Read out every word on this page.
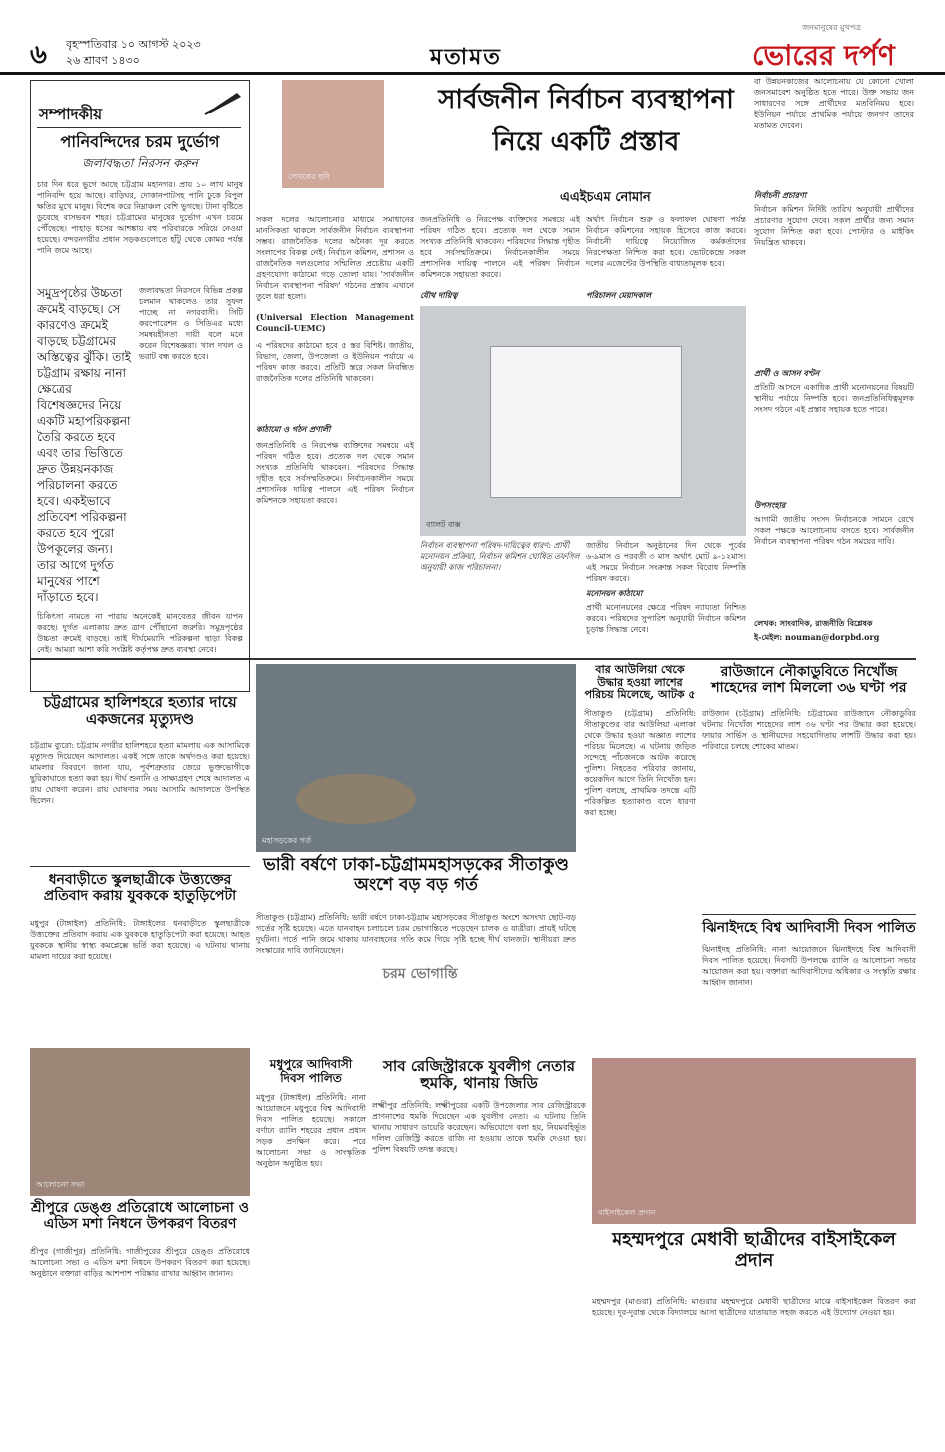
৬ বৃহস্পতিবার ১০ আগস্ট ২০২৩
২৬ শ্রাবণ ১৪৩০	মতামত
জনমানুষের মুখপত্র
ভোরের দর্পণ
সম্পাদকীয়
পানিবন্দিদের চরম দুর্ভোগ
জলাবদ্ধতা নিরসন করুন
চার দিন ধরে ভুগে আছে চট্টগ্রাম মহানগর। প্রায় ১০ লাখ মানুষ পানিবন্দি হয়ে আছে। বাড়িঘর, দোকানপাটসহ পানি ঢুকে বিপুল ক্ষতির মুখে মানুষ। বিশেষ করে নিম্নাঞ্চল বেশি ভুগছে। টানা বৃষ্টিতে ডুবেছে বাসভবন শহর। চট্টগ্রামের মানুষের দুর্ভোগ এখন চরমে পৌঁছেছে। পাহাড় ধসের আশঙ্কায় বহু পরিবারকে সরিয়ে নেওয়া হয়েছে। বন্দরনগরীর প্রধান সড়কগুলোতে হাঁটু থেকে কোমর পর্যন্ত পানি জমে আছে।
সমুদ্রপৃষ্ঠের উচ্চতা ক্রমেই বাড়ছে। সে কারণেও ক্রমেই বাড়ছে চট্টগ্রামের অস্তিত্বের ঝুঁকি। তাই চট্টগ্রাম রক্ষায় নানা ক্ষেত্রের বিশেষজ্ঞদের নিয়ে একটি মহাপরিকল্পনা তৈরি করতে হবে এবং তার ভিত্তিতে দ্রুত উন্নয়নকাজ পরিচালনা করতে হবে। একইভাবে প্রতিবেশ পরিকল্পনা করতে হবে পুরো উপকূলের জন্য। তার আগে দুর্গত মানুষের পাশে দাঁড়াতে হবে।
জলাবদ্ধতা নিরসনে বিভিন্ন প্রকল্প চলমান থাকলেও তার সুফল পাচ্ছে না নগরবাসী। সিটি করপোরেশন ও সিডিএর মধ্যে সমন্বয়হীনতা দায়ী বলে মনে করেন বিশেষজ্ঞরা। খাল দখল ও ভরাট বন্ধ করতে হবে।
চিকিৎসা নামতে না পারায় অনেকেই মানবেতর জীবন যাপন করছে। দুর্গত এলাকায় দ্রুত ত্রাণ পৌঁছানো জরুরি। সমুদ্রপৃষ্ঠের উচ্চতা ক্রমেই বাড়ছে। তাই দীর্ঘমেয়াদি পরিকল্পনা ছাড়া বিকল্প নেই। আমরা আশা করি সংশ্লিষ্ট কর্তৃপক্ষ দ্রুত ব্যবস্থা নেবে।
লেখকের ছবি
সার্বজনীন নির্বাচন ব্যবস্থাপনা
নিয়ে একটি প্রস্তাব
এএইচএম নোমান
সকল দলের আলোচনার মাধ্যমে সমাধানের মানসিকতা থাকলে সার্বজনীন নির্বাচন ব্যবস্থাপনা সম্ভব। রাজনৈতিক দলের অনৈক্য দূর করতে সংলাপের বিকল্প নেই। নির্বাচন কমিশন, প্রশাসন ও রাজনৈতিক দলগুলোর সম্মিলিত প্রচেষ্টায় একটি গ্রহণযোগ্য কাঠামো গড়ে তোলা যায়। 'সার্বজনীন নির্বাচন ব্যবস্থাপনা পরিষদ' গঠনের প্রস্তাব এখানে তুলে ধরা হলো।
(Universal Election Management Council-UEMC)
এ পরিষদের কাঠামো হবে ৫ স্তর বিশিষ্ট। জাতীয়, বিভাগ, জেলা, উপজেলা ও ইউনিয়ন পর্যায়ে এ পরিষদ কাজ করবে। প্রতিটি স্তরে সকল নিবন্ধিত রাজনৈতিক দলের প্রতিনিধি থাকবেন।
কাঠামো ও গঠন প্রণালী
জনপ্রতিনিধি ও নিরপেক্ষ ব্যক্তিদের সমন্বয়ে এই পরিষদ গঠিত হবে। প্রত্যেক দল থেকে সমান সংখ্যক প্রতিনিধি থাকবেন। পরিষদের সিদ্ধান্ত গৃহীত হবে সর্বসম্মতিক্রমে। নির্বাচনকালীন সময়ে প্রশাসনিক দায়িত্ব পালনে এই পরিষদ নির্বাচন কমিশনকে সহায়তা করবে।
জনপ্রতিনিধি ও নিরপেক্ষ ব্যক্তিদের সমন্বয়ে এই পরিষদ গঠিত হবে। প্রত্যেক দল থেকে সমান সংখ্যক প্রতিনিধি থাকবেন। পরিষদের সিদ্ধান্ত গৃহীত হবে সর্বসম্মতিক্রমে। নির্বাচনকালীন সময়ে প্রশাসনিক দায়িত্ব পালনে এই পরিষদ নির্বাচন কমিশনকে সহায়তা করবে।
যৌথ দায়িত্ব
অর্থাৎ নির্বাচন শুরু ও ফলাফল ঘোষণা পর্যন্ত নির্বাচন কমিশনের সহায়ক হিসেবে কাজ করবে। নির্বাচনী দায়িত্বে নিয়োজিত কর্মকর্তাদের নিরপেক্ষতা নিশ্চিত করা হবে। ভোটকেন্দ্রে সকল দলের এজেন্টের উপস্থিতি বাধ্যতামূলক হবে।
পরিচালন মেয়াদকাল
ব্যালট বাক্স
নির্বাচন ব্যবস্থাপনা পরিষদ-দায়িত্বের ধারণ: প্রার্থী মনোনয়ন প্রক্রিয়া, নির্বাচন কমিশন ঘোষিত তফসিল অনুযায়ী কাজ পরিচালনা।
জাতীয় নির্বাচন অনুষ্ঠানের দিন থেকে পূর্বের ৬-৯মাস ও পরবর্তী ৩ মাস অর্থাৎ মোট ৯-১২মাস। এই সময়ে নির্বাচন সংক্রান্ত সকল বিরোধ নিষ্পত্তি পরিষদ করবে।
মনোনয়ন কাঠামো
প্রার্থী মনোনয়নের ক্ষেত্রে পরিষদ ন্যায্যতা নিশ্চিত করবে। পরিষদের সুপারিশ অনুযায়ী নির্বাচন কমিশন চূড়ান্ত সিদ্ধান্ত নেবে।
বা উন্নয়নকাজের আলোচনায় যে কোনো খোলা জনসমাবেশ অনুষ্ঠিত হতে পারে। উক্ত সভায় জন সাধারণের সঙ্গে প্রার্থীদের মতবিনিময় হবে। ইউনিয়ন পর্যায়ে প্রাথমিক পর্যায়ে জনগণ তাদের মতামত দেবেন।
নির্বাচনী প্রচারণা
নির্বাচন কমিশন নির্দিষ্ট তারিখ অনুযায়ী প্রার্থীদের প্রচারণার সুযোগ দেবে। সকল প্রার্থীর জন্য সমান সুযোগ নিশ্চিত করা হবে। পোস্টার ও মাইকিং নিয়ন্ত্রিত থাকবে।
প্রার্থী ও আসন বণ্টন
প্রতিটি আসনে একাধিক প্রার্থী মনোনয়নের বিষয়টি স্থানীয় পর্যায়ে নিষ্পত্তি হবে। জনপ্রতিনিধিত্বমূলক সংসদ গঠনে এই প্রস্তাব সহায়ক হতে পারে।
উপসংহার
আগামী জাতীয় সংসদ নির্বাচনকে সামনে রেখে সকল পক্ষকে আলোচনায় বসতে হবে। সার্বজনীন নির্বাচন ব্যবস্থাপনা পরিষদ গঠন সময়ের দাবি।
লেখক: সাংবাদিক, রাজনীতি বিশ্লেষক
ই-মেইল: nouman@dorpbd.org
চট্টগ্রামের হালিশহরে হত্যার দায়ে একজনের মৃত্যুদণ্ড
চট্টগ্রাম ব্যুরো: চট্টগ্রাম নগরীর হালিশহরে হত্যা মামলায় এক আসামিকে মৃত্যুদণ্ড দিয়েছেন আদালত। একই সঙ্গে তাকে অর্থদণ্ডও করা হয়েছে। মামলার বিবরণে জানা যায়, পূর্বশত্রুতার জেরে ভুক্তভোগীকে ছুরিকাঘাতে হত্যা করা হয়। দীর্ঘ শুনানি ও সাক্ষ্যগ্রহণ শেষে আদালত এ রায় ঘোষণা করেন। রায় ঘোষণার সময় আসামি আদালতে উপস্থিত ছিলেন।
ধনবাড়ীতে স্কুলছাত্রীকে উত্ত্যক্তের প্রতিবাদ করায় যুবককে হাতুড়িপেটা
মধুপুর (টাঙ্গাইল) প্রতিনিধি: টাঙ্গাইলের ধনবাড়ীতে স্কুলছাত্রীকে উত্ত্যক্তের প্রতিবাদ করায় এক যুবককে হাতুড়িপেটা করা হয়েছে। আহত যুবককে স্থানীয় স্বাস্থ্য কমপ্লেক্সে ভর্তি করা হয়েছে। এ ঘটনায় থানায় মামলা দায়ের করা হয়েছে।
আলোচনা সভা
শ্রীপুরে ডেঙ্গু প্রতিরোধে আলোচনা ও এডিস মশা নিধনে উপকরণ বিতরণ
শ্রীপুর (গাজীপুর) প্রতিনিধি: গাজীপুরের শ্রীপুরে ডেঙ্গু প্রতিরোধে আলোচনা সভা ও এডিস মশা নিধনে উপকরণ বিতরণ করা হয়েছে। অনুষ্ঠানে বক্তারা বাড়ির আশপাশ পরিষ্কার রাখার আহ্বান জানান।
মহাসড়কের গর্ত
ভারী বর্ষণে ঢাকা-চট্টগ্রামমহাসড়কের সীতাকুণ্ড অংশে বড় বড় গর্ত
সীতাকুণ্ড (চট্টগ্রাম) প্রতিনিধি: ভারী বর্ষণে ঢাকা-চট্টগ্রাম মহাসড়কের সীতাকুণ্ড অংশে অসংখ্য ছোট-বড় গর্তের সৃষ্টি হয়েছে। এতে যানবাহন চলাচলে চরম ভোগান্তিতে পড়েছেন চালক ও যাত্রীরা। প্রায়ই ঘটছে দুর্ঘটনা। গর্তে পানি জমে থাকায় যানবাহনের গতি কমে গিয়ে সৃষ্টি হচ্ছে দীর্ঘ যানজট। স্থানীয়রা দ্রুত সংস্কারের দাবি জানিয়েছেন।
চরম ভোগান্তি
মধুপুরে আদিবাসী দিবস পালিত
মধুপুর (টাঙ্গাইল) প্রতিনিধি: নানা আয়োজনে মধুপুরে বিশ্ব আদিবাসী দিবস পালিত হয়েছে। সকালে বর্ণাঢ্য র‍্যালি শহরের প্রধান প্রধান সড়ক প্রদক্ষিণ করে। পরে আলোচনা সভা ও সাংস্কৃতিক অনুষ্ঠান অনুষ্ঠিত হয়।
সাব রেজিস্ট্রারকে যুবলীগ নেতার হুমকি, থানায় জিডি
লক্ষ্মীপুর প্রতিনিধি: লক্ষ্মীপুরের একটি উপজেলার সাব রেজিস্ট্রারকে প্রাণনাশের হুমকি দিয়েছেন এক যুবলীগ নেতা। এ ঘটনায় তিনি থানায় সাধারণ ডায়েরি করেছেন। অভিযোগে বলা হয়, নিয়মবহির্ভূত দলিল রেজিস্ট্রি করতে রাজি না হওয়ায় তাকে হুমকি দেওয়া হয়। পুলিশ বিষয়টি তদন্ত করছে।
বার আউলিয়া থেকে উদ্ধার হওয়া লাশের পরিচয় মিলেছে, আটক ৫
সীতাকুণ্ড (চট্টগ্রাম) প্রতিনিধি: সীতাকুণ্ডের বার আউলিয়া এলাকা থেকে উদ্ধার হওয়া অজ্ঞাত লাশের পরিচয় মিলেছে। এ ঘটনায় জড়িত সন্দেহে পাঁচজনকে আটক করেছে পুলিশ। নিহতের পরিবার জানায়, কয়েকদিন আগে তিনি নিখোঁজ হন। পুলিশ বলছে, প্রাথমিক তদন্তে এটি পরিকল্পিত হত্যাকাণ্ড বলে ধারণা করা হচ্ছে।
রাউজানে নৌকাডুবিতে নিখোঁজ শাহেদের লাশ মিললো ৩৬ ঘণ্টা পর
রাউজান (চট্টগ্রাম) প্রতিনিধি: চট্টগ্রামের রাউজানে নৌকাডুবির ঘটনায় নিখোঁজ শাহেদের লাশ ৩৬ ঘণ্টা পর উদ্ধার করা হয়েছে। ফায়ার সার্ভিস ও স্থানীয়দের সহযোগিতায় লাশটি উদ্ধার করা হয়। পরিবারে চলছে শোকের মাতম।
ঝিনাইদহে বিশ্ব আদিবাসী দিবস পালিত
ঝিনাইদহ প্রতিনিধি: নানা আয়োজনে ঝিনাইদহে বিশ্ব আদিবাসী দিবস পালিত হয়েছে। দিবসটি উপলক্ষে র‍্যালি ও আলোচনা সভার আয়োজন করা হয়। বক্তারা আদিবাসীদের অধিকার ও সংস্কৃতি রক্ষার আহ্বান জানান।
বাইসাইকেল প্রদান
মহম্মদপুরে মেধাবী ছাত্রীদের বাইসাইকেল প্রদান
মহম্মদপুর (মাগুরা) প্রতিনিধি: মাগুরার মহম্মদপুরে মেধাবী ছাত্রীদের মাঝে বাইসাইকেল বিতরণ করা হয়েছে। দূর-দূরান্ত থেকে বিদ্যালয়ে আসা ছাত্রীদের যাতায়াত সহজ করতে এই উদ্যোগ নেওয়া হয়।
